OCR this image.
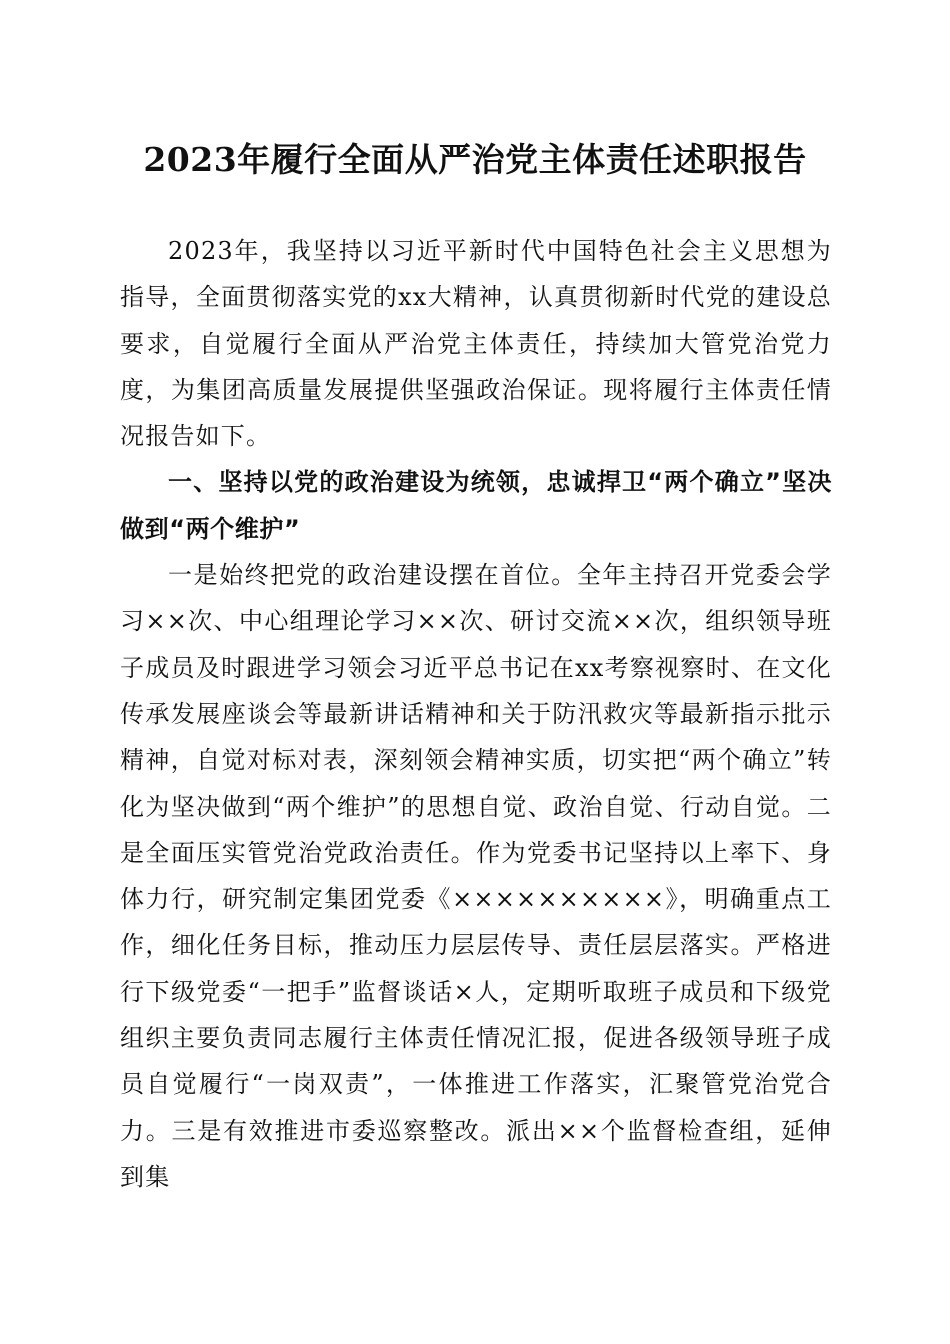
2023年履行全面从严治党主体责任述职报告

2023年，我坚持以习近平新时代中国特色社会主义思想为指导，全面贯彻落实党的xx大精神，认真贯彻新时代党的建设总要求，自觉履行全面从严治党主体责任，持续加大管党治党力度，为集团高质量发展提供坚强政治保证。现将履行主体责任情况报告如下。

一、坚持以党的政治建设为统领，忠诚捍卫“两个确立”坚决做到“两个维护”

一是始终把党的政治建设摆在首位。全年主持召开党委会学习××次、中心组理论学习××次、研讨交流××次，组织领导班子成员及时跟进学习领会习近平总书记在xx考察视察时、在文化传承发展座谈会等最新讲话精神和关于防汛救灾等最新指示批示精神，自觉对标对表，深刻领会精神实质，切实把“两个确立”转化为坚决做到“两个维护”的思想自觉、政治自觉、行动自觉。二是全面压实管党治党政治责任。作为党委书记坚持以上率下、身体力行，研究制定集团党委《××××××××××》，明确重点工作，细化任务目标，推动压力层层传导、责任层层落实。严格进行下级党委“一把手”监督谈话×人，定期听取班子成员和下级党组织主要负责同志履行主体责任情况汇报，促进各级领导班子成员自觉履行“一岗双责”，一体推进工作落实，汇聚管党治党合力。三是有效推进市委巡察整改。派出××个监督检查组，延伸到集
